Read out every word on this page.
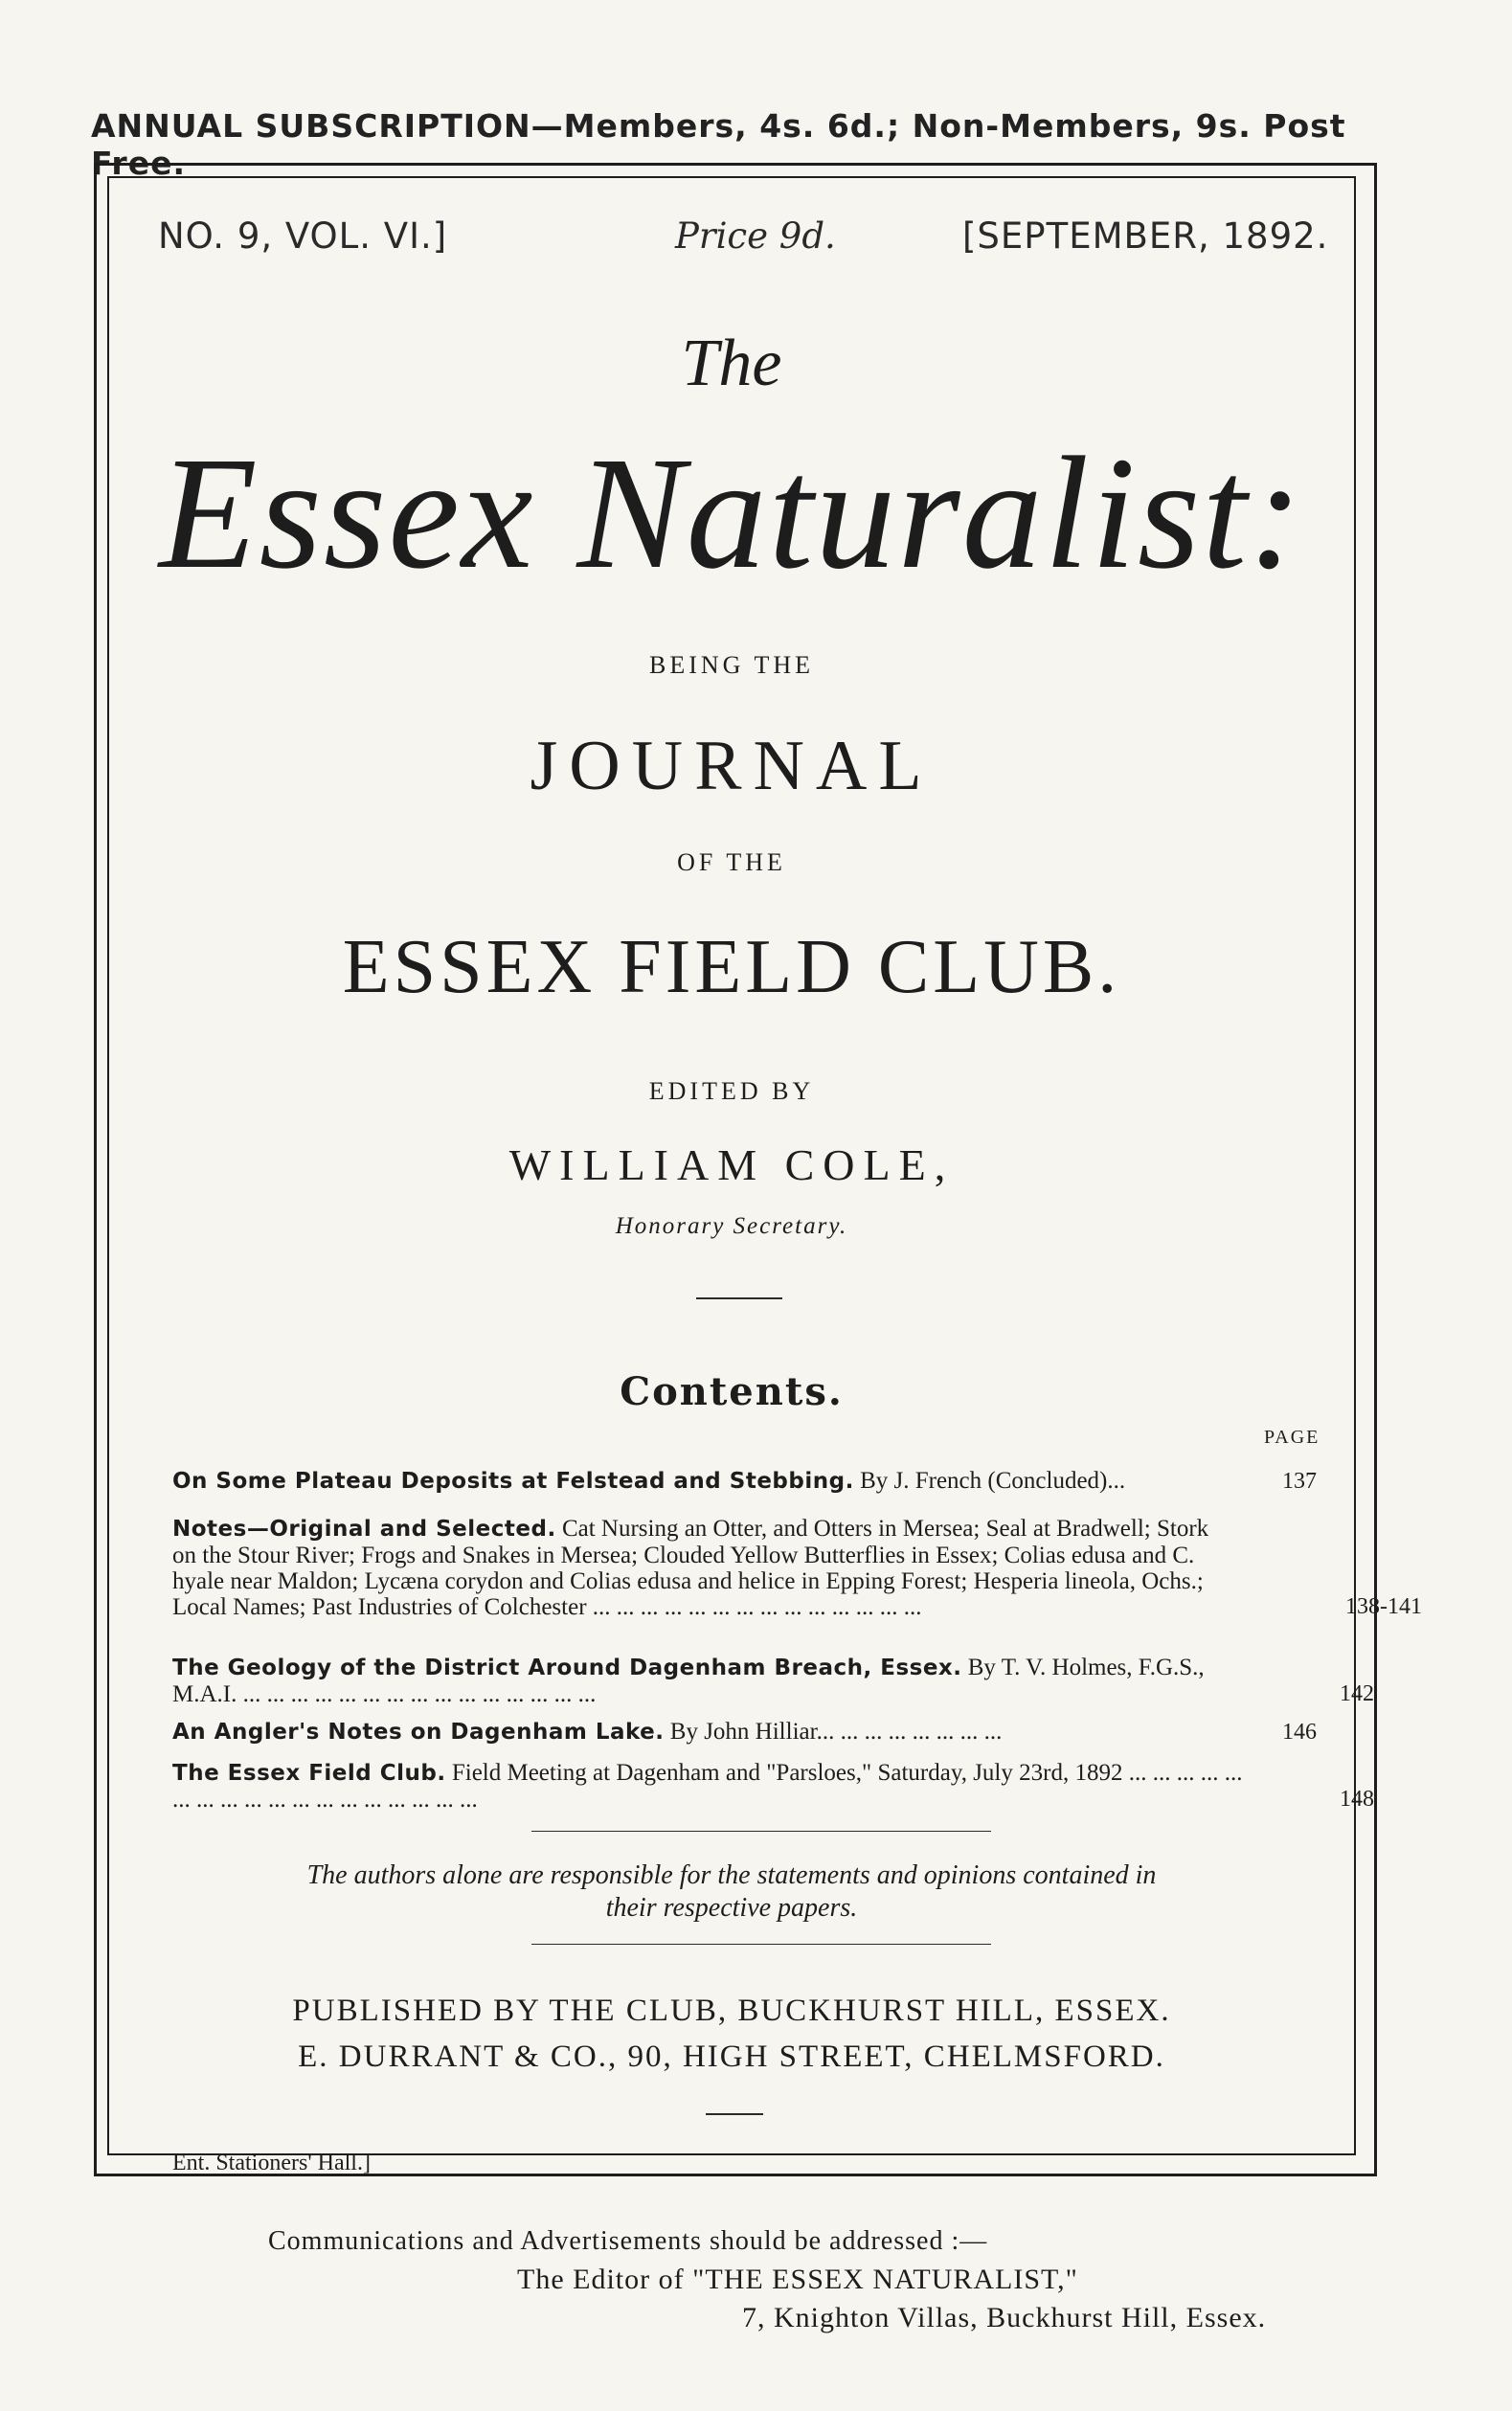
ANNUAL SUBSCRIPTION—Members, 4s. 6d.; Non-Members, 9s. Post Free.
NO. 9, VOL. VI.]	Price 9d.	[SEPTEMBER, 1892.
The
Essex Naturalist:
BEING THE
JOURNAL
OF THE
ESSEX FIELD CLUB.
EDITED BY
WILLIAM COLE,
Honorary Secretary.
Contents.
PAGE
On Some Plateau Deposits at Felstead and Stebbing. By J. French (Concluded)...	137
Notes—Original and Selected. Cat Nursing an Otter, and Otters in Mersea; Seal at Bradwell; Stork on the Stour River; Frogs and Snakes in Mersea; Clouded Yellow Butterflies in Essex; Colias edusa and C. hyale near Maldon; Lycæna corydon and Colias edusa and helice in Epping Forest; Hesperia lineola, Ochs.; Local Names; Past Industries of Colchester ... ... ... ... ... ... ... ... ... ... ... ... ... ...	138-141
The Geology of the District Around Dagenham Breach, Essex. By T. V. Holmes, F.G.S., M.A.I. ... ... ... ... ... ... ... ... ... ... ... ... ... ... ...	142
An Angler's Notes on Dagenham Lake. By John Hilliar... ... ... ... ... ... ... ...	146
The Essex Field Club. Field Meeting at Dagenham and "Parsloes," Saturday, July 23rd, 1892 ... ... ... ... ... ... ... ... ... ... ... ... ... ... ... ... ... ...	148
The authors alone are responsible for the statements and opinions contained in their respective papers.
PUBLISHED BY THE CLUB, BUCKHURST HILL, ESSEX.
E. DURRANT & CO., 90, HIGH STREET, CHELMSFORD.
Ent. Stationers' Hall.]
Communications and Advertisements should be addressed :—
The Editor of "THE ESSEX NATURALIST,"
7, Knighton Villas, Buckhurst Hill, Essex.
